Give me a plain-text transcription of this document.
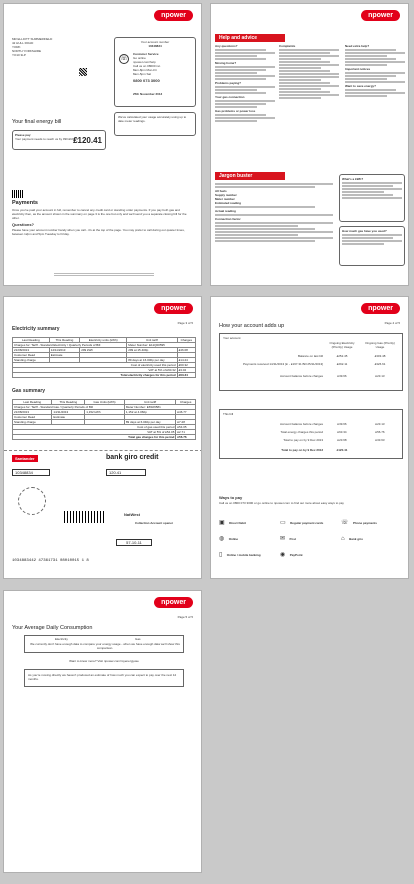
npower
MR ELLIOTT SUMMERFIELD
42 HULL ROAD
YORK
NORTH YORKSHIRE
YO10 3LP
Your account number
10348834
☏
Customer Service
Go online
npower.com/help
Call us on 08000 inc.
8am-8pm Mon-Fri
8am-5pm Sat
0800 073 3000
25th November 2013
We've calculated your usage accurately using up to date meter readings.
Your final energy bill
Please pay
Your payment needs to reach us by 09/12/2013
£120.41
Payments
Once you've paid your account in full, remember to cancel any credit card or standing order payments. If you pay both gas and electricity then, as the amount shown in the summary on page 3 is the one but only and we'll send you a separate closing bill for the other.
Questions?
Please have your account number handy when you call - it's at the top of the page. You may prefer to call during our quieter times, between 12pm and 5pm Tuesday to Friday.
npower
Help and advice
Any questions?
Moving home?
Problems paying?
Your gas connection
Gas problems or power loss
Complaints	Need extra help?
Important notices
Want to save energy?
Jargon buster
All fuels
Supply number
Meter number
Estimated reading
Actual reading
Connection factor
What's a kWh?
How much gas have you used?
npower
Page 3 of 5
Electricity summary
Last Reading	This Reading	Electricity units (kWh)	Unit tariff	Charges
Charges for: Tariff - Standard Electricity / Quarterly Periods of Bill			Meter Number: E11Q00595	
21/08/2013	14/11/2013	299 kWh	299 at 15.409p	£46.08
Customer Read	Estimate			
Standing charge			89 days at 16.000p per day	£14.24
Cost of electricity used this period				£60.32
VAT at 5% of £60.32				£3.02
Total electricity charges for this period				£63.34
Gas summary
Last Reading	This Reading	Gas Units (kWh)	Unit tariff	Charges
Charges for: Tariff - Standard Gas / Quarterly Periods of Bill			Meter Number: E6S06581	
21/08/2013	14/11/2013	1,152 kWh	1,152 at 4.060p	£46.77
Customer Read	Estimate			
Standing charge			89 days at 6.040p per day	£7.28
Cost of gas used this period				£54.05
VAT at 5% of £54.05				£2.71
Total gas charges for this period				£56.76
Santander	bank giro credit
10348834	120.41
NatWest
Collection Account opener
57-10-11
1034883442 47361731 08010015 1 8
npower
Page 4 of 5
How your account adds up
Your account
Ongoing Electricity (Priority) Usage
Ongoing Gas (Priority) Usage
Balance on last bill	£252.45	£303.48
Payments received 14/11/2013 [in - £167.31 Bill 25/11/2013]	£292.11	£326.61
Account balance before charges	£39.66	£23.13
This bill
Account balance before charges	£39.66	£23.13
Total energy charges this period	£63.34	£56.76
Total to pay on by 9 Dec 2013	£23.68	£33.63
Total to pay on by 9 Dec 2013	£120.41
Ways to pay
Call us on 0800 073 3000 or go online to npower.com to find out more about easy ways to pay
▣ Direct Debit	▭ Regular payment cards	☏ Phone payments
◍ Online	✉ Post	⌂ Bank giro
▯ Online / mobile banking	◉ PayPoint
npower
Page 5 of 5
Your Average Daily Consumption
Electricity	Gas
We currently don't have enough data to compare your energy usage - when we have enough data we'll show this comparison.
Want to know more? Visit npower.com/myenergyuse
As you're moving directly we haven't produced an estimate of how much you can expect to pay over the next 12 months.
